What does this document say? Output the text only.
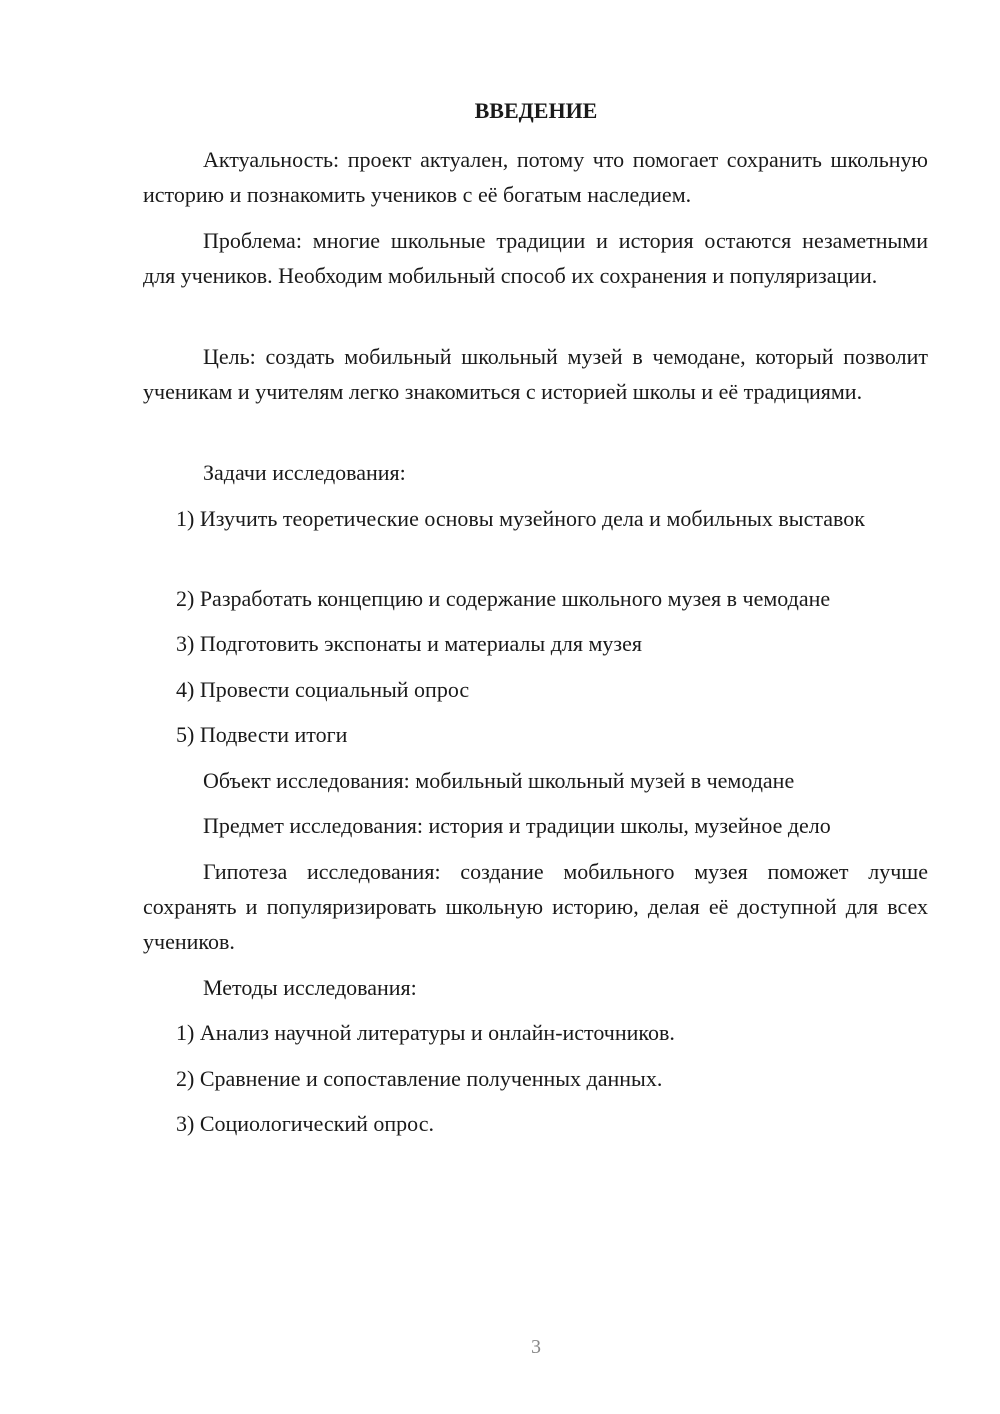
ВВЕДЕНИЕ

Актуальность: проект актуален, потому что помогает сохранить школьную историю и познакомить учеников с её богатым наследием.

Проблема: многие школьные традиции и история остаются незаметными для учеников. Необходим мобильный способ их сохранения и популяризации.

Цель: создать мобильный школьный музей в чемодане, который позволит ученикам и учителям легко знакомиться с историей школы и её традициями.

Задачи исследования:

1) Изучить теоретические основы музейного дела и мобильных выставок

2) Разработать концепцию и содержание школьного музея в чемодане

3) Подготовить экспонаты и материалы для музея

4) Провести социальный опрос

5) Подвести итоги

Объект исследования: мобильный школьный музей в чемодане

Предмет исследования: история и традиции школы, музейное дело

Гипотеза исследования: создание мобильного музея поможет лучше сохранять и популяризировать школьную историю, делая её доступной для всех учеников.

Методы исследования:

1) Анализ научной литературы и онлайн-источников.

2) Сравнение и сопоставление полученных данных.

3) Социологический опрос.

3
